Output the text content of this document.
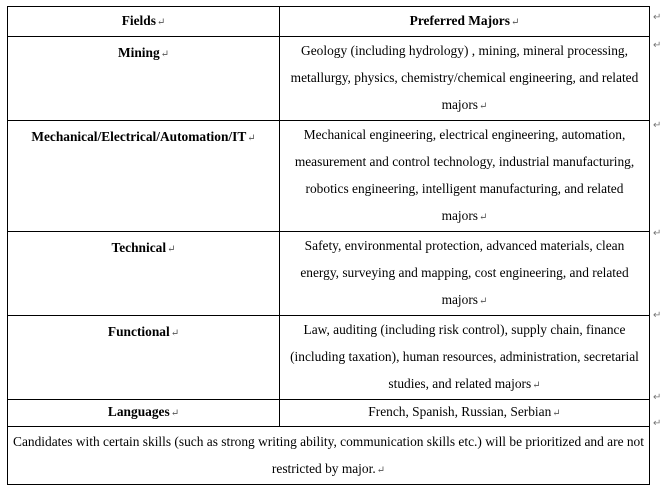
Fields↵	Preferred Majors↵
Mining↵	Geology (including hydrology) , mining, mineral processing, metallurgy, physics, chemistry/chemical engineering, and related majors↵
Mechanical/Electrical/Automation/IT↵	Mechanical engineering, electrical engineering, automation, measurement and control technology, industrial manufacturing, robotics engineering, intelligent manufacturing, and related majors↵
Technical↵	Safety, environmental protection, advanced materials, clean energy, surveying and mapping, cost engineering, and related majors↵
Functional↵	Law, auditing (including risk control), supply chain, finance (including taxation), human resources, administration, secretarial studies, and related majors↵
Languages↵	French, Spanish, Russian, Serbian↵
Candidates with certain skills (such as strong writing ability, communication skills etc.) will be prioritized and are not restricted by major.↵	
↵
↵
↵
↵
↵
↵
↵
